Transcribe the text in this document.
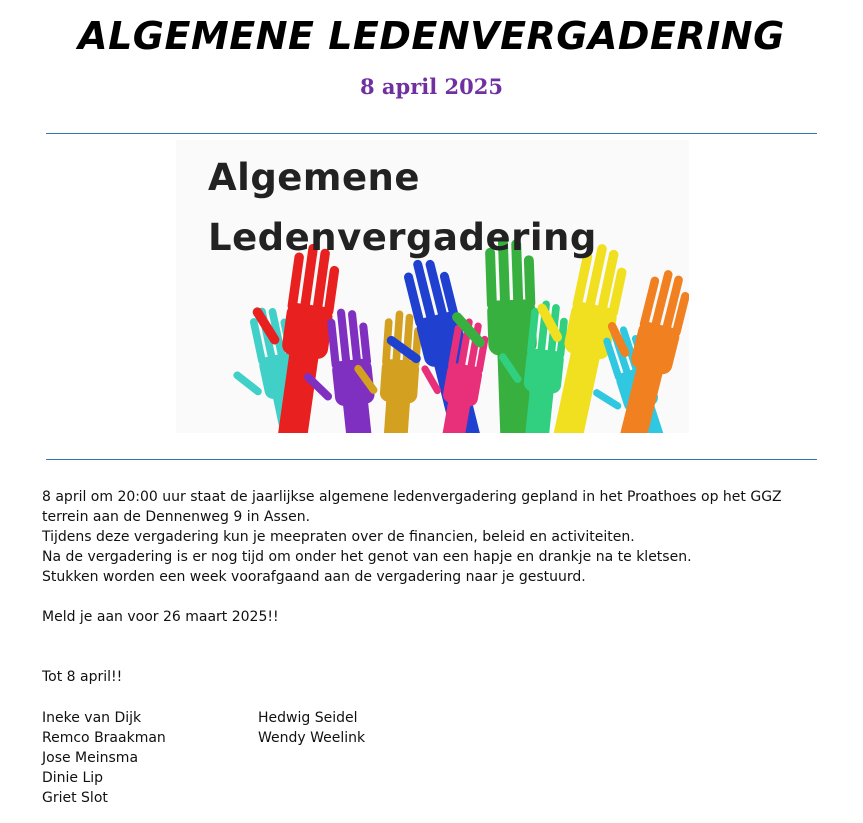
ALGEMENE LEDENVERGADERING
8 april 2025
Algemene
Ledenvergadering

8 april om 20:00 uur staat de jaarlijkse algemene ledenvergadering gepland in het Proathoes op het GGZ terrein aan de Dennenweg 9 in Assen.

Tijdens deze vergadering kun je meepraten over de financien, beleid en activiteiten.

Na de vergadering is er nog tijd om onder het genot van een hapje en drankje na te kletsen.

Stukken worden een week voorafgaand aan de vergadering naar je gestuurd.

Meld je aan voor 26 maart 2025!!

Tot 8 april!!

Ineke van Dijk
Remco Braakman
Jose Meinsma
Dinie Lip
Griet Slot
Hedwig Seidel
Wendy Weelink
